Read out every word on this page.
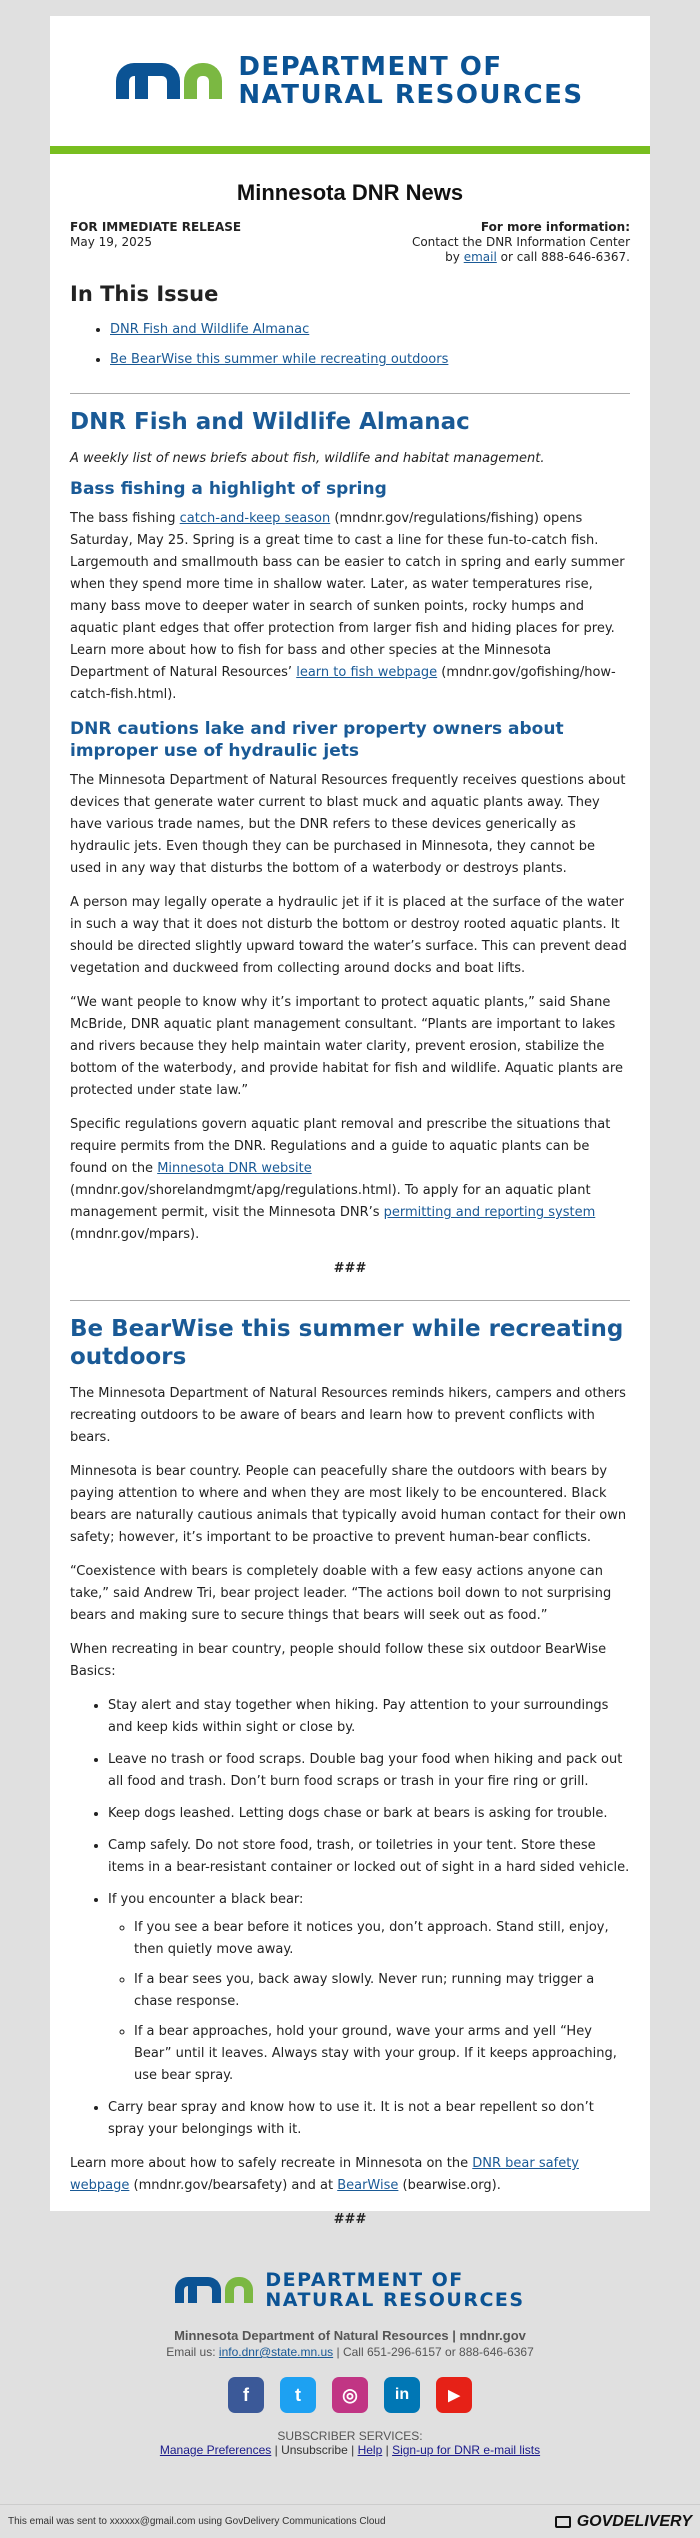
DEPARTMENT OF
NATURAL RESOURCES
Minnesota DNR News
FOR IMMEDIATE RELEASE
May 19, 2025
For more information:
Contact the DNR Information Center
by email or call 888-646-6367.
In This Issue
• DNR Fish and Wildlife Almanac
• Be BearWise this summer while recreating outdoors
DNR Fish and Wildlife Almanac

A weekly list of news briefs about fish, wildlife and habitat management.

Bass fishing a highlight of spring

The bass fishing catch-and-keep season (mndnr.gov/regulations/fishing) opens Saturday, May 25. Spring is a great time to cast a line for these fun-to-catch fish. Largemouth and smallmouth bass can be easier to catch in spring and early summer when they spend more time in shallow water. Later, as water temperatures rise, many bass move to deeper water in search of sunken points, rocky humps and aquatic plant edges that offer protection from larger fish and hiding places for prey. Learn more about how to fish for bass and other species at the Minnesota Department of Natural Resources’ learn to fish webpage (mndnr.gov/gofishing/how-catch-fish.html).

DNR cautions lake and river property owners about improper use of hydraulic jets

The Minnesota Department of Natural Resources frequently receives questions about devices that generate water current to blast muck and aquatic plants away. They have various trade names, but the DNR refers to these devices generically as hydraulic jets. Even though they can be purchased in Minnesota, they cannot be used in any way that disturbs the bottom of a waterbody or destroys plants.

A person may legally operate a hydraulic jet if it is placed at the surface of the water in such a way that it does not disturb the bottom or destroy rooted aquatic plants. It should be directed slightly upward toward the water’s surface. This can prevent dead vegetation and duckweed from collecting around docks and boat lifts.

“We want people to know why it’s important to protect aquatic plants,” said Shane McBride, DNR aquatic plant management consultant. “Plants are important to lakes and rivers because they help maintain water clarity, prevent erosion, stabilize the bottom of the waterbody, and provide habitat for fish and wildlife. Aquatic plants are protected under state law.”

Specific regulations govern aquatic plant removal and prescribe the situations that require permits from the DNR. Regulations and a guide to aquatic plants can be found on the Minnesota DNR website (mndnr.gov/shorelandmgmt/apg/regulations.html). To apply for an aquatic plant management permit, visit the Minnesota DNR’s permitting and reporting system (mndnr.gov/mpars).

###
Be BearWise this summer while recreating outdoors

The Minnesota Department of Natural Resources reminds hikers, campers and others recreating outdoors to be aware of bears and learn how to prevent conflicts with bears.

Minnesota is bear country. People can peacefully share the outdoors with bears by paying attention to where and when they are most likely to be encountered. Black bears are naturally cautious animals that typically avoid human contact for their own safety; however, it’s important to be proactive to prevent human-bear conflicts.

“Coexistence with bears is completely doable with a few easy actions anyone can take,” said Andrew Tri, bear project leader. “The actions boil down to not surprising bears and making sure to secure things that bears will seek out as food.”

When recreating in bear country, people should follow these six outdoor BearWise Basics:

• Stay alert and stay together when hiking. Pay attention to your surroundings and keep kids within sight or close by.
• Leave no trash or food scraps. Double bag your food when hiking and pack out all food and trash. Don’t burn food scraps or trash in your fire ring or grill.
• Keep dogs leashed. Letting dogs chase or bark at bears is asking for trouble.
• Camp safely. Do not store food, trash, or toiletries in your tent. Store these items in a bear-resistant container or locked out of sight in a hard sided vehicle.
• If you encounter a black bear:
◦ If you see a bear before it notices you, don’t approach. Stand still, enjoy, then quietly move away.
◦ If a bear sees you, back away slowly. Never run; running may trigger a chase response.
◦ If a bear approaches, hold your ground, wave your arms and yell “Hey Bear” until it leaves. Always stay with your group. If it keeps approaching, use bear spray.
• Carry bear spray and know how to use it. It is not a bear repellent so don’t spray your belongings with it.

Learn more about how to safely recreate in Minnesota on the DNR bear safety webpage (mndnr.gov/bearsafety) and at BearWise (bearwise.org).

###
DEPARTMENT OF
NATURAL RESOURCES
Minnesota Department of Natural Resources | mndnr.gov
Email us: info.dnr@state.mn.us | Call 651-296-6157 or 888-646-6367
f	t	◎	in	▶
SUBSCRIBER SERVICES:
Manage Preferences | Unsubscribe | Help | Sign-up for DNR e-mail lists
This email was sent to xxxxxx@gmail.com using GovDelivery Communications Cloud	GOVDELIVERY
